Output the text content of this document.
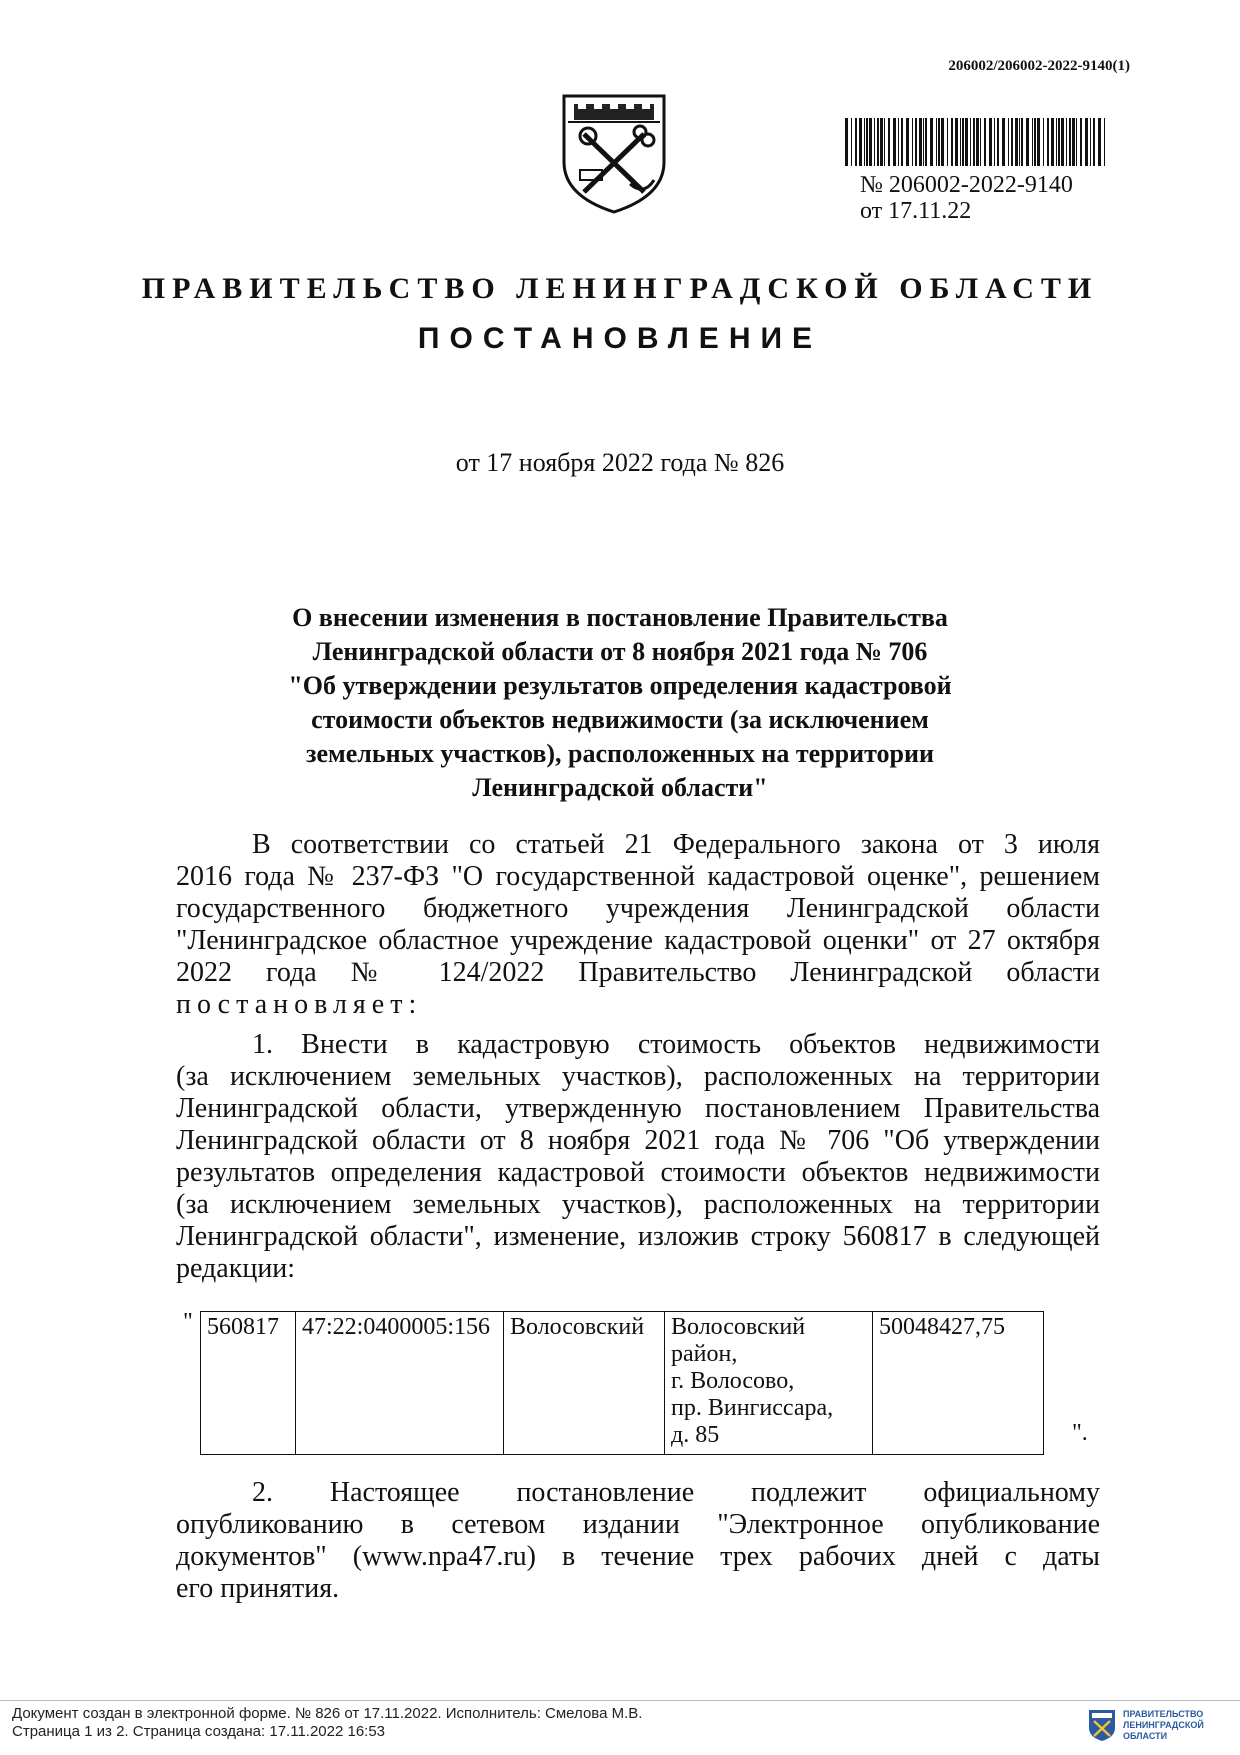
206002/206002-2022-9140(1)
№ 206002-2022-9140
от 17.11.22
ПРАВИТЕЛЬСТВО ЛЕНИНГРАДСКОЙ ОБЛАСТИ
ПОСТАНОВЛЕНИЕ
от 17 ноября 2022 года № 826
О внесении изменения в постановление Правительства
Ленинградской области от 8 ноября 2021 года № 706
"Об утверждении результатов определения кадастровой
стоимости объектов недвижимости (за исключением
земельных участков), расположенных на территории
Ленинградской области"
В соответствии со статьей 21 Федерального закона от 3 июля
2016 года № 237-ФЗ "О государственной кадастровой оценке", решением
государственного бюджетного учреждения Ленинградской области
"Ленинградское областное учреждение кадастровой оценки" от 27 октября
2022 года № 124/2022 Правительство Ленинградской области
постановляет:
1. Внести в кадастровую стоимость объектов недвижимости
(за исключением земельных участков), расположенных на территории
Ленинградской области, утвержденную постановлением Правительства
Ленинградской области от 8 ноября 2021 года № 706 "Об утверждении
результатов определения кадастровой стоимости объектов недвижимости
(за исключением земельных участков), расположенных на территории
Ленинградской области", изменение, изложив строку 560817 в следующей
редакции:
" 560817	47:22:0400005:156	Волосовский	Волосовский
район,
г. Волосово,
пр. Вингиссара,
д. 85
	50048427,75
".
2. Настоящее постановление подлежит официальному
опубликованию в сетевом издании "Электронное опубликование
документов" (www.npa47.ru) в течение трех рабочих дней с даты
его принятия.
Документ создан в электронной форме. № 826 от 17.11.2022. Исполнитель: Смелова М.В.
Страница 1 из 2. Страница создана: 17.11.2022 16:53
ПРАВИТЕЛЬСТВО
ЛЕНИНГРАДСКОЙ
ОБЛАСТИ
